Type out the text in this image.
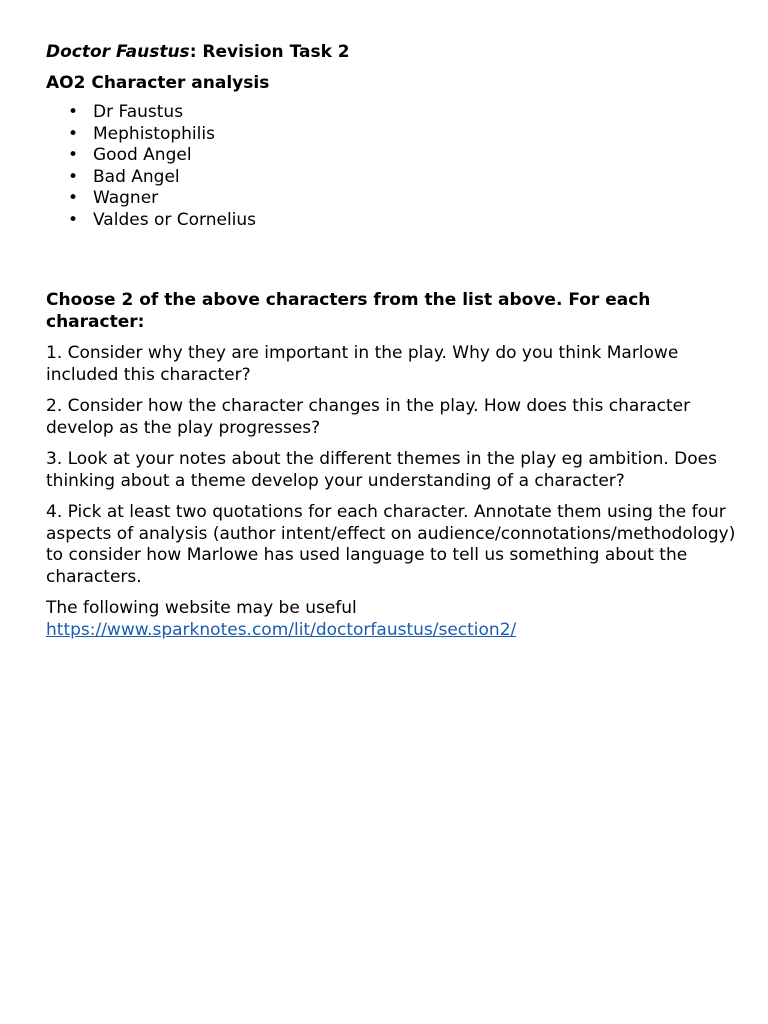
Doctor Faustus: Revision Task 2

AO2 Character analysis

• Dr Faustus
• Mephistophilis
• Good Angel
• Bad Angel
• Wagner
• Valdes or Cornelius

Choose 2 of the above characters from the list above. For each character:

1. Consider why they are important in the play. Why do you think Marlowe included this character?

2. Consider how the character changes in the play. How does this character develop as the play progresses?

3. Look at your notes about the different themes in the play eg ambition. Does thinking about a theme develop your understanding of a character?

4. Pick at least two quotations for each character. Annotate them using the four aspects of analysis (author intent/effect on audience/connotations/methodology) to consider how Marlowe has used language to tell us something about the characters.

The following website may be useful
https://www.sparknotes.com/lit/doctorfaustus/section2/
